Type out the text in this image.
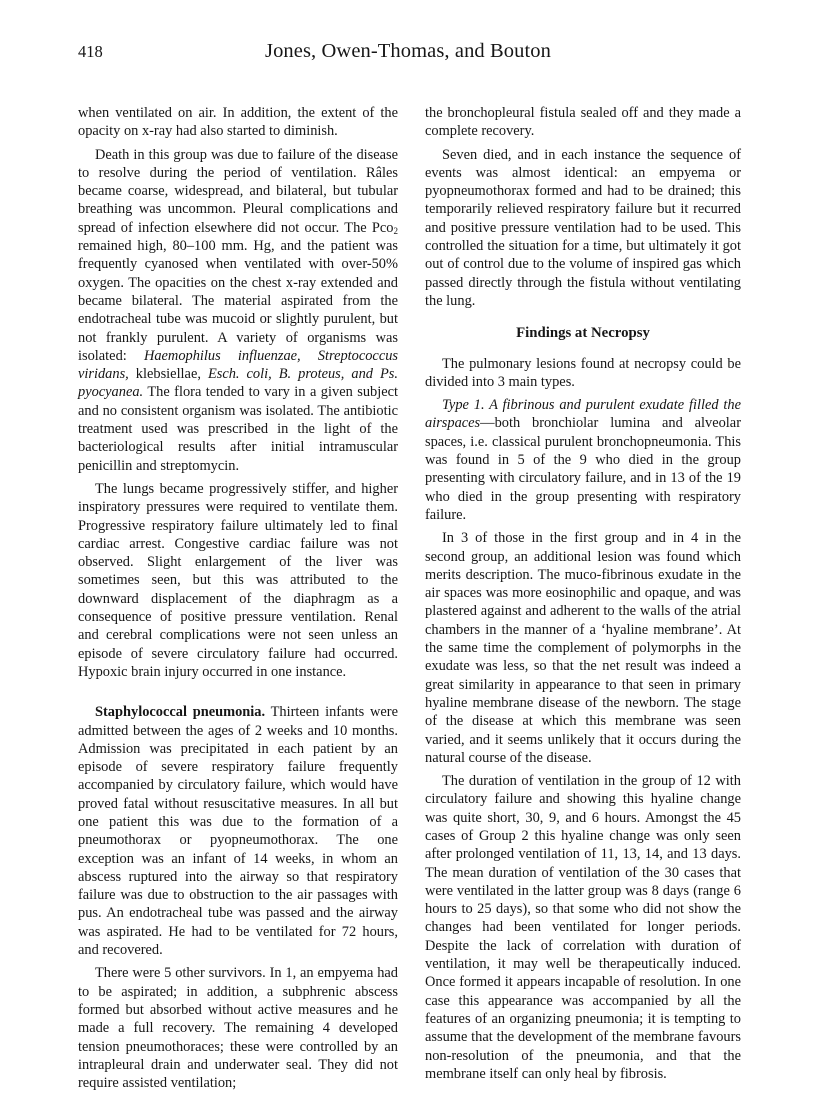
418	Jones, Owen-Thomas, and Bouton

when ventilated on air. In addition, the extent of the opacity on x-ray had also started to diminish.

Death in this group was due to failure of the disease to resolve during the period of ventilation. Râles became coarse, widespread, and bilateral, but tubular breathing was uncommon. Pleural complications and spread of infection elsewhere did not occur. The Pco$_2$ remained high, 80–100 mm. Hg, and the patient was frequently cyanosed when ventilated with over-50% oxygen. The opacities on the chest x-ray extended and became bilateral. The material aspirated from the endotracheal tube was mucoid or slightly purulent, but not frankly purulent. A variety of organisms was isolated: Haemophilus influenzae, Streptococcus viridans, klebsiellae, Esch. coli, B. proteus, and Ps. pyocyanea. The flora tended to vary in a given subject and no consistent organism was isolated. The antibiotic treatment used was prescribed in the light of the bacteriological results after initial intramuscular penicillin and streptomycin.

The lungs became progressively stiffer, and higher inspiratory pressures were required to ventilate them. Progressive respiratory failure ultimately led to final cardiac arrest. Congestive cardiac failure was not observed. Slight enlargement of the liver was sometimes seen, but this was attributed to the downward displacement of the diaphragm as a consequence of positive pressure ventilation. Renal and cerebral complications were not seen unless an episode of severe circulatory failure had occurred. Hypoxic brain injury occurred in one instance.

Staphylococcal pneumonia. Thirteen infants were admitted between the ages of 2 weeks and 10 months. Admission was precipitated in each patient by an episode of severe respiratory failure frequently accompanied by circulatory failure, which would have proved fatal without resuscitative measures. In all but one patient this was due to the formation of a pneumothorax or pyopneumothorax. The one exception was an infant of 14 weeks, in whom an abscess ruptured into the airway so that respiratory failure was due to obstruction to the air passages with pus. An endotracheal tube was passed and the airway was aspirated. He had to be ventilated for 72 hours, and recovered.

There were 5 other survivors. In 1, an empyema had to be aspirated; in addition, a subphrenic abscess formed but absorbed without active measures and he made a full recovery. The remaining 4 developed tension pneumothoraces; these were controlled by an intrapleural drain and underwater seal. They did not require assisted ventilation;

the bronchopleural fistula sealed off and they made a complete recovery.

Seven died, and in each instance the sequence of events was almost identical: an empyema or pyopneumothorax formed and had to be drained; this temporarily relieved respiratory failure but it recurred and positive pressure ventilation had to be used. This controlled the situation for a time, but ultimately it got out of control due to the volume of inspired gas which passed directly through the fistula without ventilating the lung.

Findings at Necropsy

The pulmonary lesions found at necropsy could be divided into 3 main types.

Type 1. A fibrinous and purulent exudate filled the airspaces—both bronchiolar lumina and alveolar spaces, i.e. classical purulent bronchopneumonia. This was found in 5 of the 9 who died in the group presenting with circulatory failure, and in 13 of the 19 who died in the group presenting with respiratory failure.

In 3 of those in the first group and in 4 in the second group, an additional lesion was found which merits description. The muco-fibrinous exudate in the air spaces was more eosinophilic and opaque, and was plastered against and adherent to the walls of the atrial chambers in the manner of a ‘hyaline membrane’. At the same time the complement of polymorphs in the exudate was less, so that the net result was indeed a great similarity in appearance to that seen in primary hyaline membrane disease of the newborn. The stage of the disease at which this membrane was seen varied, and it seems unlikely that it occurs during the natural course of the disease.

The duration of ventilation in the group of 12 with circulatory failure and showing this hyaline change was quite short, 30, 9, and 6 hours. Amongst the 45 cases of Group 2 this hyaline change was only seen after prolonged ventilation of 11, 13, 14, and 13 days. The mean duration of ventilation of the 30 cases that were ventilated in the latter group was 8 days (range 6 hours to 25 days), so that some who did not show the changes had been ventilated for longer periods. Despite the lack of correlation with duration of ventilation, it may well be therapeutically induced. Once formed it appears incapable of resolution. In one case this appearance was accompanied by all the features of an organizing pneumonia; it is tempting to assume that the development of the membrane favours non-resolution of the pneumonia, and that the membrane itself can only heal by fibrosis.
